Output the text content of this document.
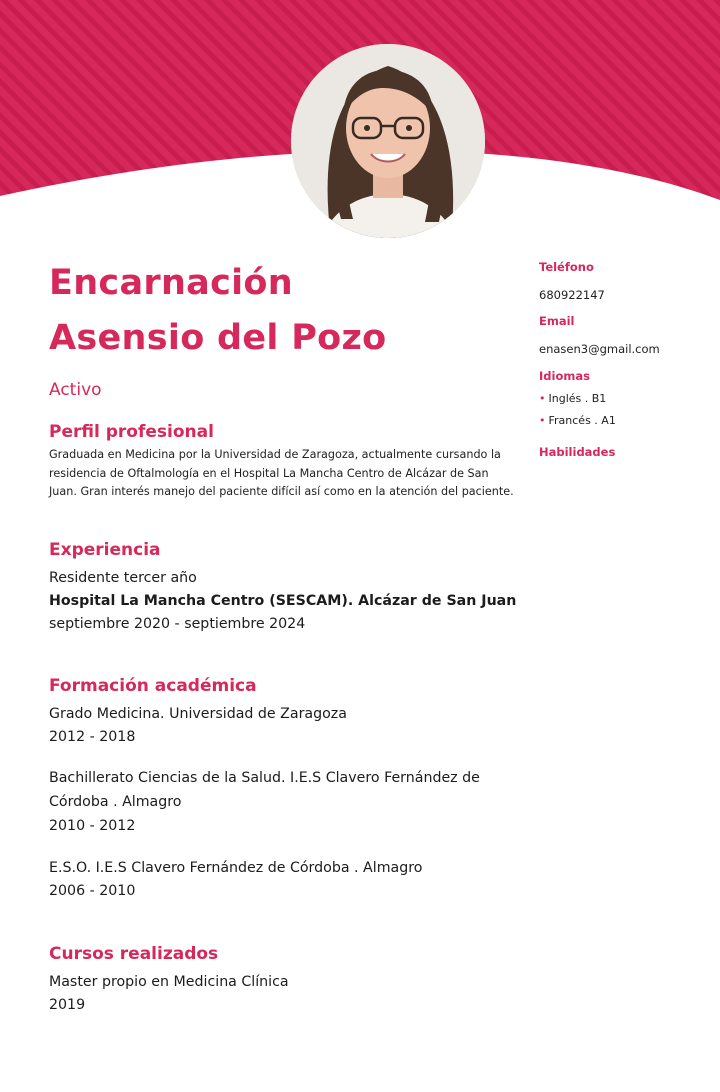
Encarnación
Asensio del Pozo
Activo
Perfil profesional

Graduada en Medicina por la Universidad de Zaragoza, actualmente cursando la residencia de Oftalmología en el Hospital La Mancha Centro de Alcázar de San Juan. Gran interés manejo del paciente difícil así como en la atención del paciente.

Experiencia
Residente tercer año
Hospital La Mancha Centro (SESCAM). Alcázar de San Juan
septiembre 2020 - septiembre 2024
Formación académica
Grado Medicina. Universidad de Zaragoza
2012 - 2018

Bachillerato Ciencias de la Salud. I.E.S Clavero Fernández de Córdoba . Almagro

2010 - 2012
E.S.O. I.E.S Clavero Fernández de Córdoba . Almagro
2006 - 2010
Cursos realizados
Master propio en Medicina Clínica
2019
Teléfono
680922147
Email
enasen3@gmail.com
Idiomas
• Inglés . B1
• Francés . A1
Habilidades
